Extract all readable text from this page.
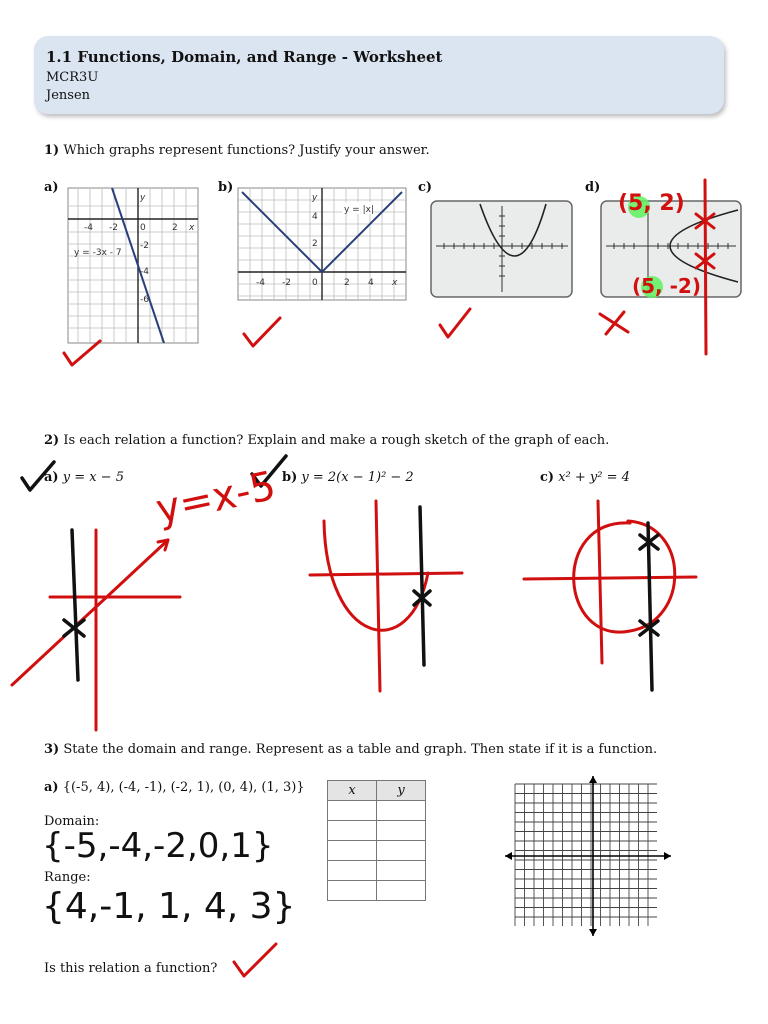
1.1 Functions, Domain, and Range - Worksheet
MCR3U
Jensen
1) Which graphs represent functions? Justify your answer.
a)	b)	c)	d)
-4 -2 0	2 x
y
-2
-4
-6
y = -3x - 7
-4 -2 0	2 4 x
y
4
2
y = |x|	(5, 2)
(5, -2)
2) Is each relation a function? Explain and make a rough sketch of the graph of each.
a) y = x − 5	b) y = 2(x − 1)² − 2	c) x² + y² = 4
y=x-5
3) State the domain and range. Represent as a table and graph. Then state if it is a function.
a) {(-5, 4), (-4, -1), (-2, 1), (0, 4), (1, 3)}
Domain:
{-5,-4,-2,0,1}
Range:
{4,-1, 1, 4, 3}
Is this relation a function?
x	y
